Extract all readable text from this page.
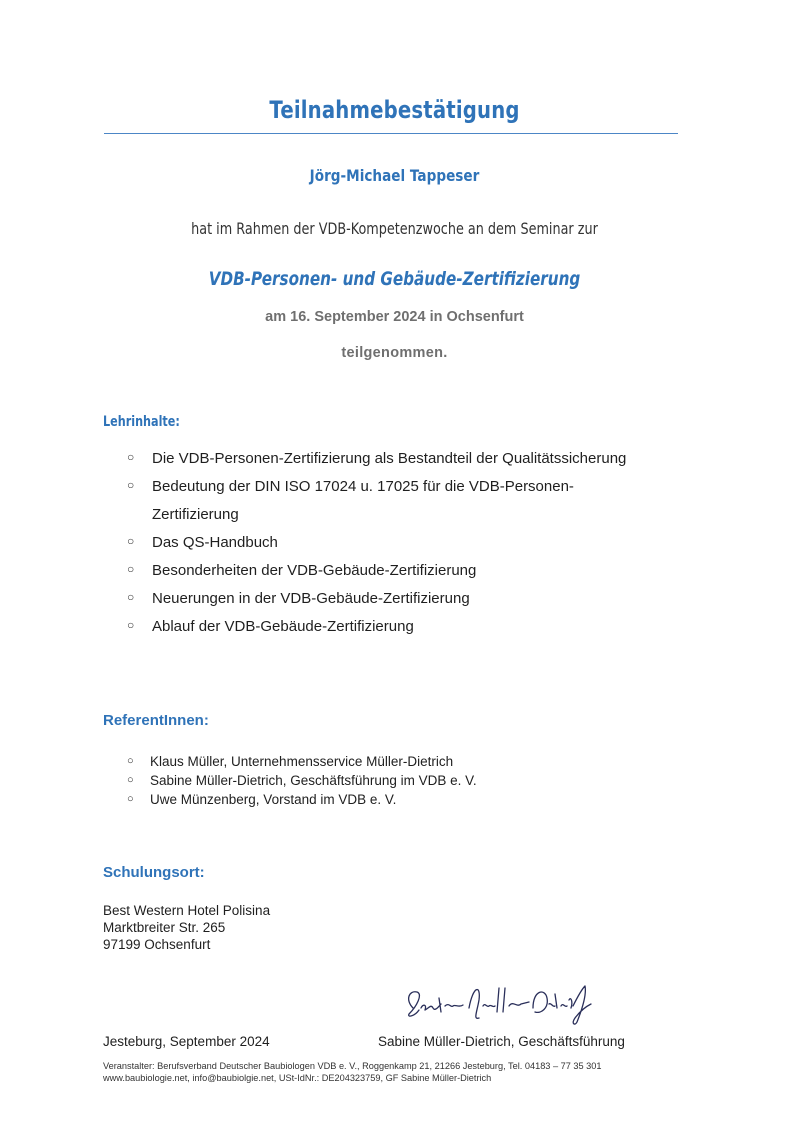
Teilnahmebestätigung
Jörg-Michael Tappeser
hat im Rahmen der VDB-Kompetenzwoche an dem Seminar zur
VDB-Personen- und Gebäude-Zertifizierung
am 16. September 2024 in Ochsenfurt
teilgenommen.
Lehrinhalte:
○ Die VDB-Personen-Zertifizierung als Bestandteil der Qualitätssicherung
○ Bedeutung der DIN ISO 17024 u. 17025 für die VDB-Personen-
Zertifizierung
○ Das QS-Handbuch
○ Besonderheiten der VDB-Gebäude-Zertifizierung
○ Neuerungen in der VDB-Gebäude-Zertifizierung
○ Ablauf der VDB-Gebäude-Zertifizierung
ReferentInnen:
○ Klaus Müller, Unternehmensservice Müller-Dietrich
○ Sabine Müller-Dietrich, Geschäftsführung im VDB e. V.
○ Uwe Münzenberg, Vorstand im VDB e. V.
Schulungsort:
Best Western Hotel Polisina
Marktbreiter Str. 265
97199 Ochsenfurt
Jesteburg, September 2024	Sabine Müller-Dietrich, Geschäftsführung
Veranstalter: Berufsverband Deutscher Baubiologen VDB e. V., Roggenkamp 21, 21266 Jesteburg, Tel. 04183 – 77 35 301
www.baubiologie.net, info@baubiolgie.net, USt-IdNr.: DE204323759, GF Sabine Müller-Dietrich
